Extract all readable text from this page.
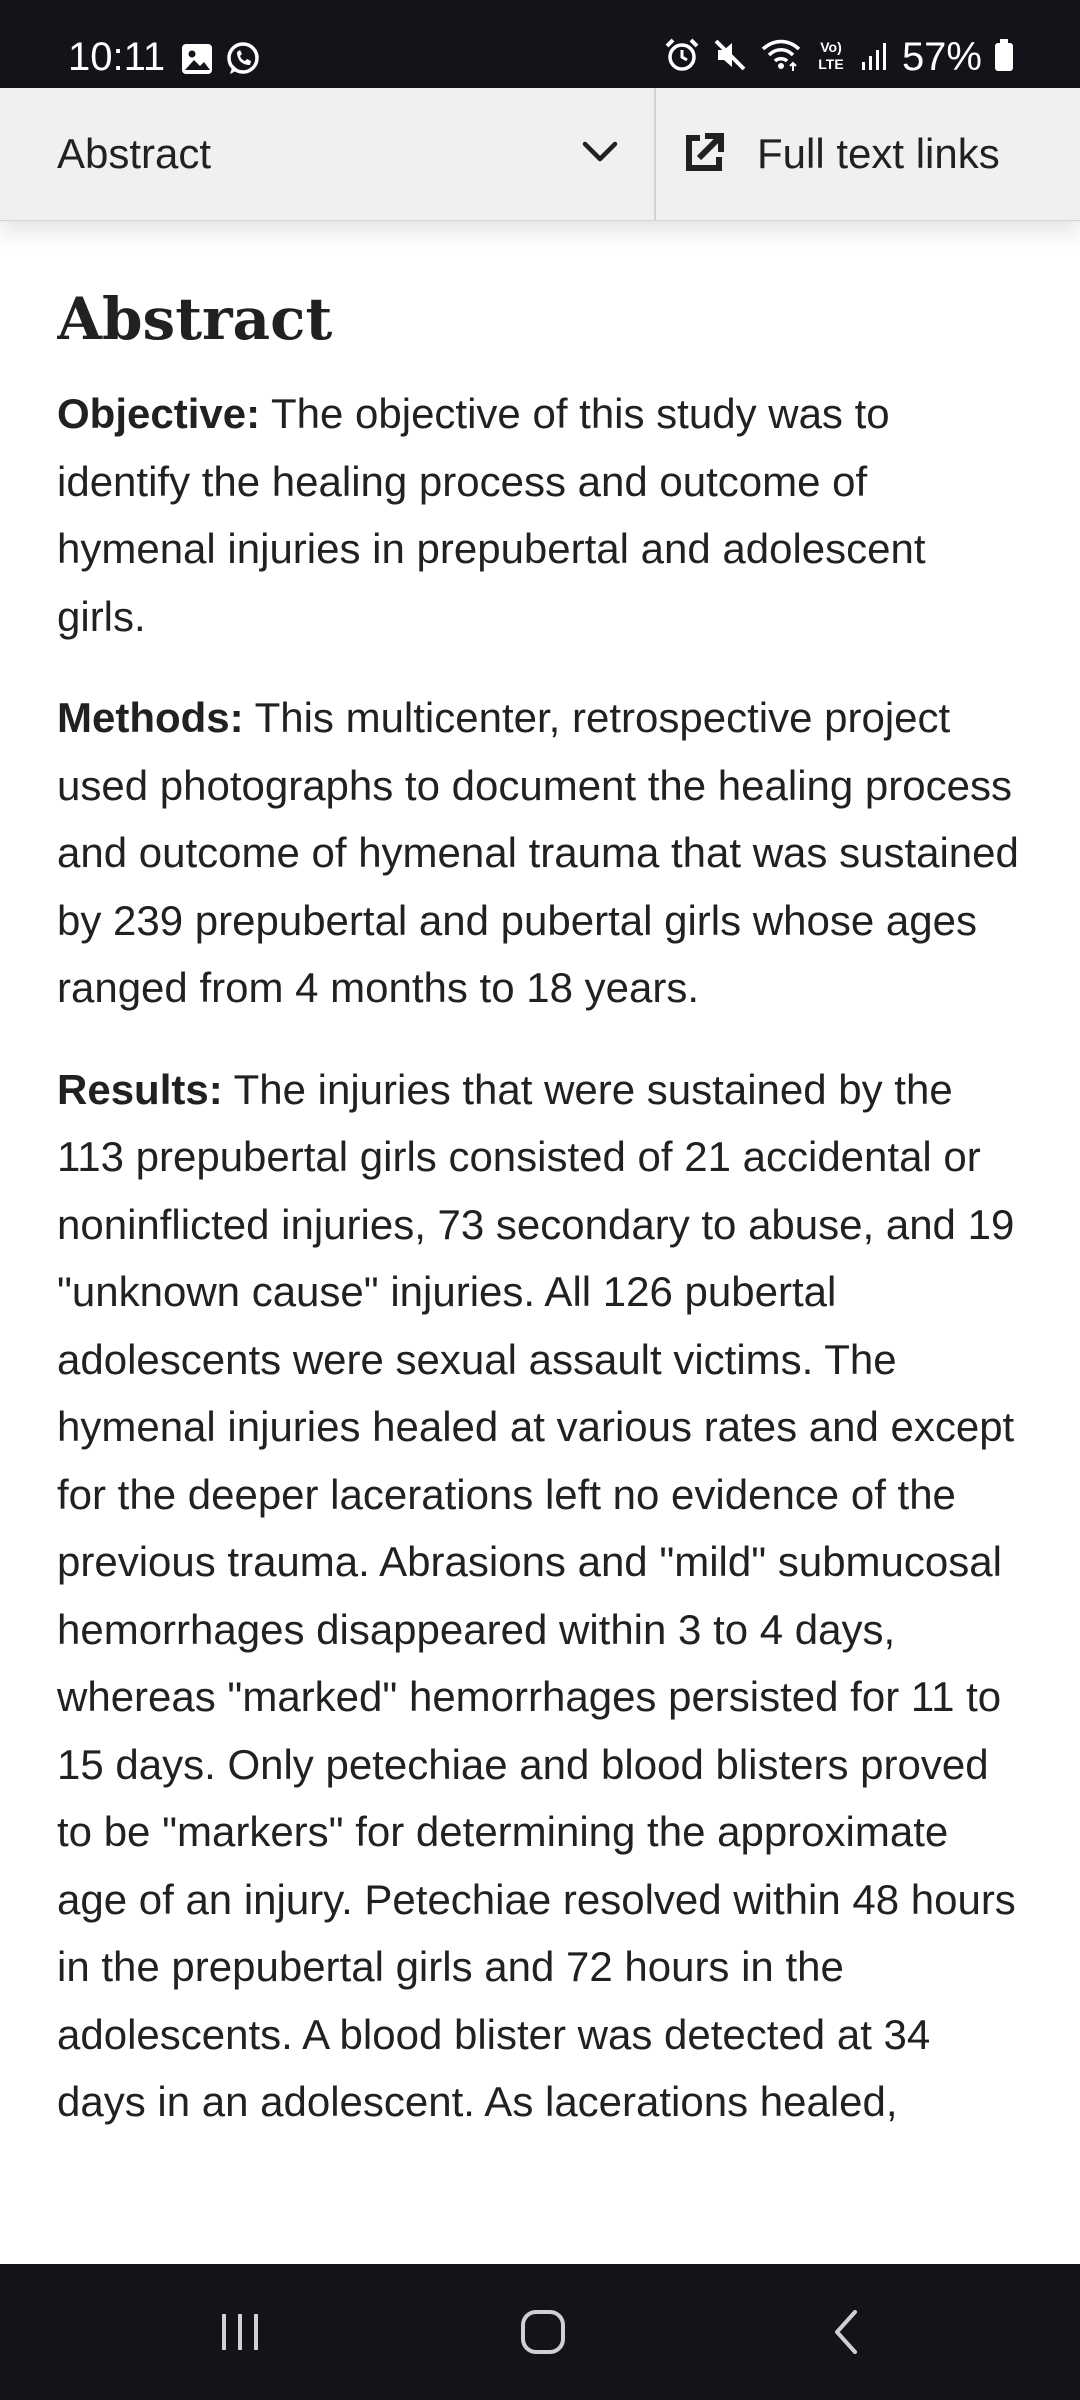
10:11	Vo)
LTE 57%
Abstract	Full text links
Abstract

Objective: The objective of this study was to identify the healing process and outcome of hymenal injuries in prepubertal and adolescent girls.

Methods: This multicenter, retrospective project used photographs to document the healing process and outcome of hymenal trauma that was sustained by 239 prepubertal and pubertal girls whose ages ranged from 4 months to 18 years.

Results: The injuries that were sustained by the 113 prepubertal girls consisted of 21 accidental or noninflicted injuries, 73 secondary to abuse, and 19 "unknown cause" injuries. All 126 pubertal adolescents were sexual assault victims. The hymenal injuries healed at various rates and except for the deeper lacerations left no evidence of the previous trauma. Abrasions and "mild" submucosal hemorrhages disappeared within 3 to 4 days, whereas "marked" hemorrhages persisted for 11 to 15 days. Only petechiae and blood blisters proved to be "markers" for determining the approximate age of an injury. Petechiae resolved within 48 hours in the prepubertal girls and 72 hours in the adolescents. A blood blister was detected at 34 days in an adolescent. As lacerations healed,
